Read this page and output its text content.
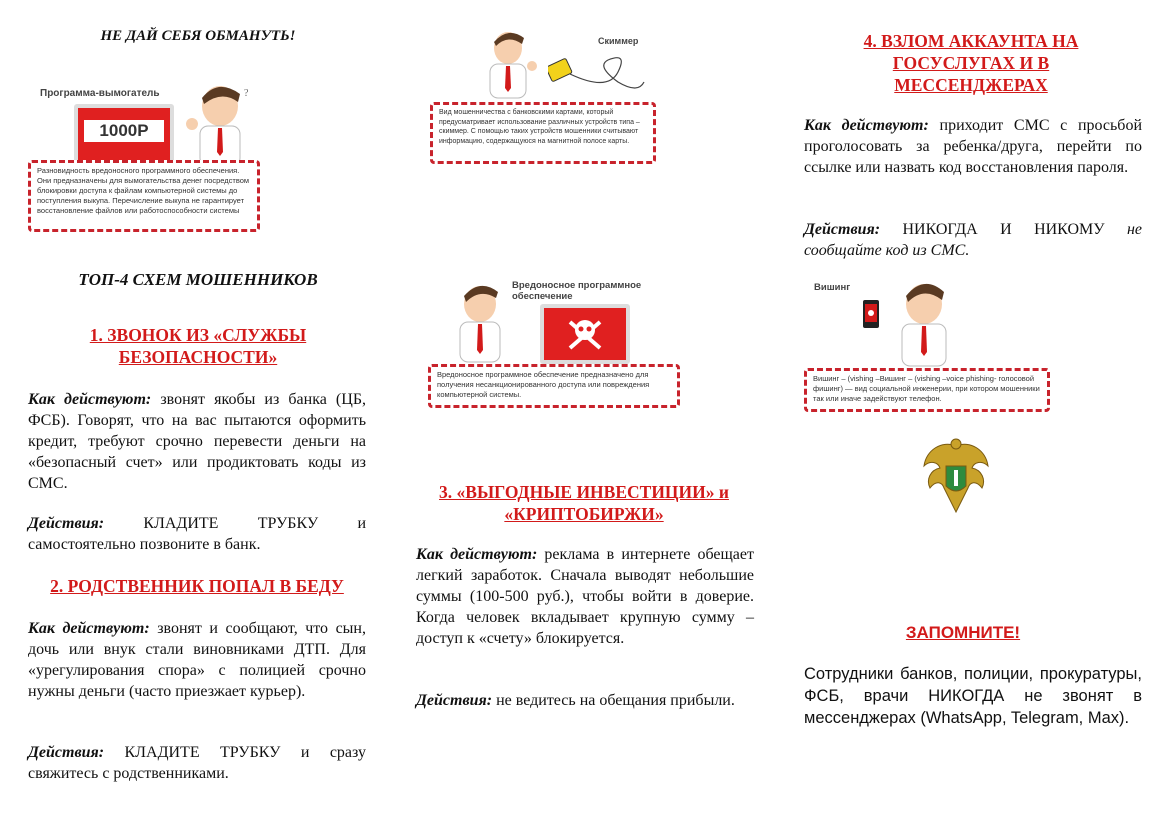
НЕ ДАЙ СЕБЯ ОБМАНУТЬ!
Программа-вымогатель
1000Р
?
Разновидность вредоносного программного обеспечения. Они предназначены для вымогательства денег посредством блокировки доступа к файлам компьютерной системы до поступления выкупа. Перечисление выкупа не гарантирует восстановление файлов или работоспособности системы
ТОП-4 СХЕМ МОШЕННИКОВ
1. ЗВОНОК ИЗ «СЛУЖБЫ БЕЗОПАСНОСТИ»
Как действуют: звонят якобы из банка (ЦБ, ФСБ). Говорят, что на вас пытаются оформить кредит, требуют срочно перевести деньги на «безопасный счет» или продиктовать коды из СМС.
Действия: КЛАДИТЕ ТРУБКУ и самостоятельно позвоните в банк.
2. РОДСТВЕННИК ПОПАЛ В БЕДУ
Как действуют: звонят и сообщают, что сын, дочь или внук стали виновниками ДТП. Для «урегулирования спора» с полицией срочно нужны деньги (часто приезжает курьер).
Действия: КЛАДИТЕ ТРУБКУ и сразу свяжитесь с родственниками.
Скиммер
Вид мошенничества с банковскими картами, который предусматривает использование различных устройств типа – скиммер. С помощью таких устройств мошенники считывают информацию, содержащуюся на магнитной полосе карты.
Вредоносное программное обеспечение
Вредоносное программное обеспечение предназначено для получения несанкционированного доступа или повреждения компьютерной системы.
3. «ВЫГОДНЫЕ ИНВЕСТИЦИИ» и «КРИПТОБИРЖИ»
Как действуют: реклама в интернете обещает легкий заработок. Сначала выводят небольшие суммы (100-500 руб.), чтобы войти в доверие. Когда человек вкладывает крупную сумму – доступ к «счету» блокируется.
Действия: не ведитесь на обещания прибыли.
4. ВЗЛОМ АККАУНТА НА ГОСУСЛУГАХ И В МЕССЕНДЖЕРАХ
Как действуют: приходит СМС с просьбой проголосовать за ребенка/друга, перейти по ссылке или назвать код восстановления пароля.
Действия: НИКОГДА И НИКОМУ не сообщайте код из СМС.
Вишинг
Вишинг – (vishing –Вишинг – (vishing –voice phishing- голосовой фишинг) — вид социальной инженерии, при котором мошенники так или иначе задействуют телефон.
ЗАПОМНИТЕ!
Сотрудники банков, полиции, прокуратуры, ФСБ, врачи НИКОГДА не звонят в мессенджерах (WhatsApp, Telegram, Max).
